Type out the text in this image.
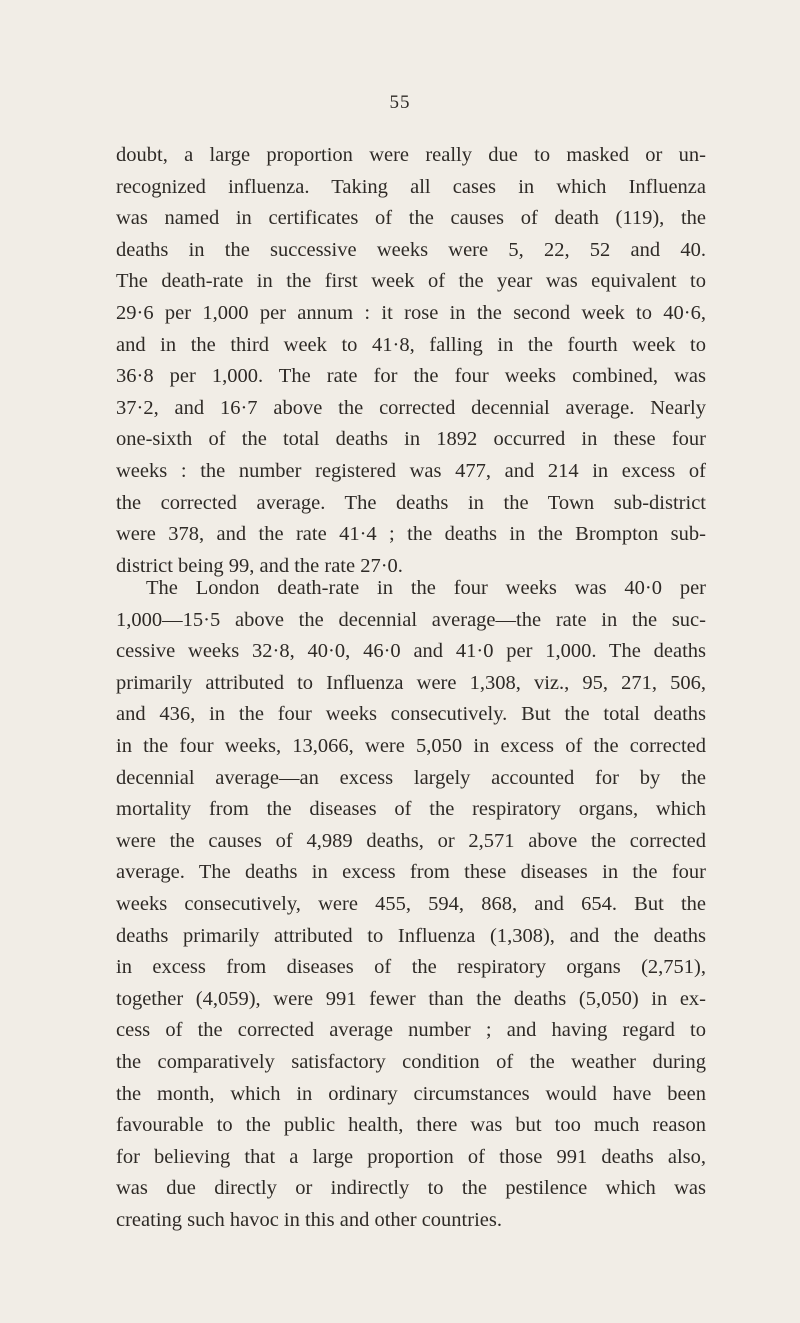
55
doubt, a large proportion were really due to masked or un-
recognized influenza. Taking all cases in which Influenza
was named in certificates of the causes of death (119), the
deaths in the successive weeks were 5, 22, 52 and 40.
The death-rate in the first week of the year was equivalent to
29·6 per 1,000 per annum : it rose in the second week to 40·6,
and in the third week to 41·8, falling in the fourth week to
36·8 per 1,000. The rate for the four weeks combined, was
37·2, and 16·7 above the corrected decennial average. Nearly
one-sixth of the total deaths in 1892 occurred in these four
weeks : the number registered was 477, and 214 in excess of
the corrected average. The deaths in the Town sub-district
were 378, and the rate 41·4 ; the deaths in the Brompton sub-
district being 99, and the rate 27·0.
The London death-rate in the four weeks was 40·0 per
1,000—15·5 above the decennial average—the rate in the suc-
cessive weeks 32·8, 40·0, 46·0 and 41·0 per 1,000. The deaths
primarily attributed to Influenza were 1,308, viz., 95, 271, 506,
and 436, in the four weeks consecutively. But the total deaths
in the four weeks, 13,066, were 5,050 in excess of the corrected
decennial average—an excess largely accounted for by the
mortality from the diseases of the respiratory organs, which
were the causes of 4,989 deaths, or 2,571 above the corrected
average. The deaths in excess from these diseases in the four
weeks consecutively, were 455, 594, 868, and 654. But the
deaths primarily attributed to Influenza (1,308), and the deaths
in excess from diseases of the respiratory organs (2,751),
together (4,059), were 991 fewer than the deaths (5,050) in ex-
cess of the corrected average number ; and having regard to
the comparatively satisfactory condition of the weather during
the month, which in ordinary circumstances would have been
favourable to the public health, there was but too much reason
for believing that a large proportion of those 991 deaths also,
was due directly or indirectly to the pestilence which was
creating such havoc in this and other countries.
